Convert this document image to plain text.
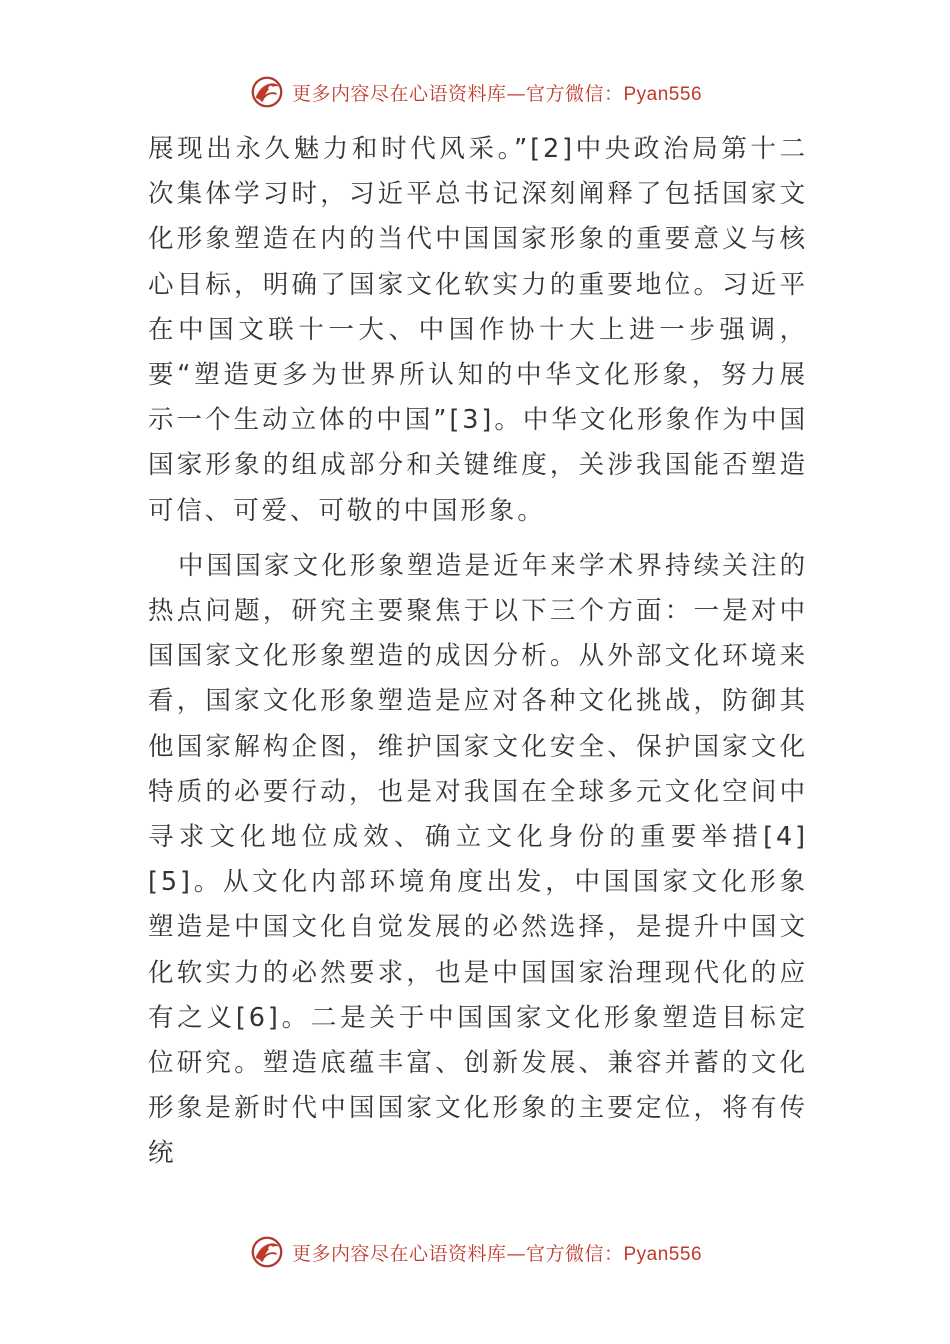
更多内容尽在心语资料库—官方微信：Pyan556

展现出永久魅力和时代风采。”[2]中央政治局第十二次集体学习时，习近平总书记深刻阐释了包括国家文化形象塑造在内的当代中国国家形象的重要意义与核心目标，明确了国家文化软实力的重要地位。习近平在中国文联十一大、中国作协十大上进一步强调，要“塑造更多为世界所认知的中华文化形象，努力展示一个生动立体的中国”[3]。中华文化形象作为中国国家形象的组成部分和关键维度，关涉我国能否塑造可信、可爱、可敬的中国形象。

中国国家文化形象塑造是近年来学术界持续关注的热点问题，研究主要聚焦于以下三个方面：一是对中国国家文化形象塑造的成因分析。从外部文化环境来看，国家文化形象塑造是应对各种文化挑战，防御其他国家解构企图，维护国家文化安全、保护国家文化特质的必要行动，也是对我国在全球多元文化空间中寻求文化地位成效、确立文化身份的重要举措[4][5]。从文化内部环境角度出发，中国国家文化形象塑造是中国文化自觉发展的必然选择，是提升中国文化软实力的必然要求，也是中国国家治理现代化的应有之义[6]。二是关于中国国家文化形象塑造目标定位研究。塑造底蕴丰富、创新发展、兼容并蓄的文化形象是新时代中国国家文化形象的主要定位，将有传统

更多内容尽在心语资料库—官方微信：Pyan556
